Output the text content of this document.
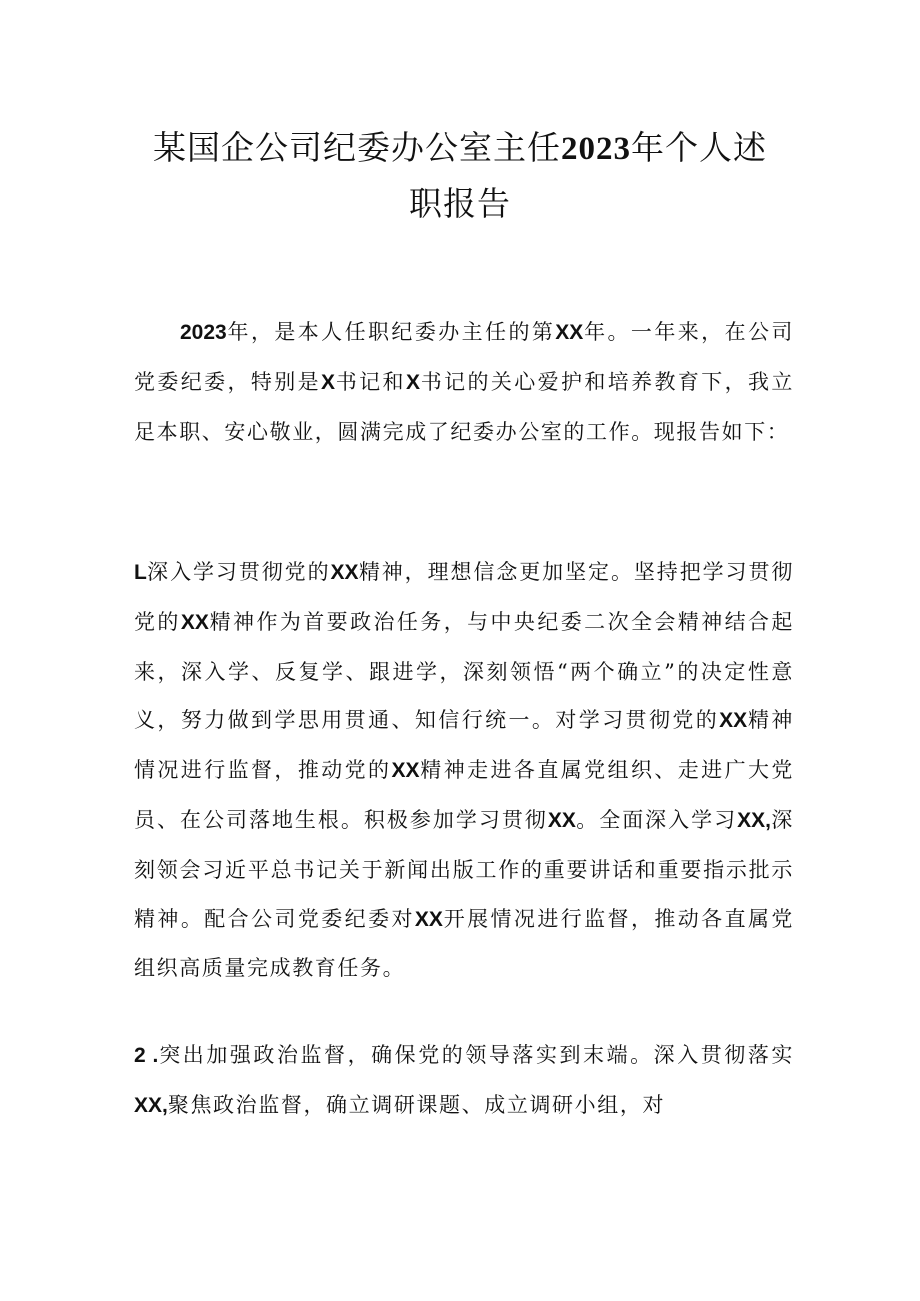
某国企公司纪委办公室主任2023年个人述
职报告

2023年，是本人任职纪委办主任的第XX年。一年来，在公司党委纪委，特别是X书记和X书记的关心爱护和培养教育下，我立足本职、安心敬业，圆满完成了纪委办公室的工作。现报告如下：

L深入学习贯彻党的XX精神，理想信念更加坚定。坚持把学习贯彻党的XX精神作为首要政治任务，与中央纪委二次全会精神结合起来，深入学、反复学、跟进学，深刻领悟“两个确立”的决定性意义，努力做到学思用贯通、知信行统一。对学习贯彻党的XX精神情况进行监督，推动党的XX精神走进各直属党组织、走进广大党员、在公司落地生根。积极参加学习贯彻XX。全面深入学习XX,深刻领会习近平总书记关于新闻出版工作的重要讲话和重要指示批示精神。配合公司党委纪委对XX开展情况进行监督，推动各直属党组织高质量完成教育任务。

2 .突出加强政治监督，确保党的领导落实到末端。深入贯彻落实XX,聚焦政治监督，确立调研课题、成立调研小组，对
